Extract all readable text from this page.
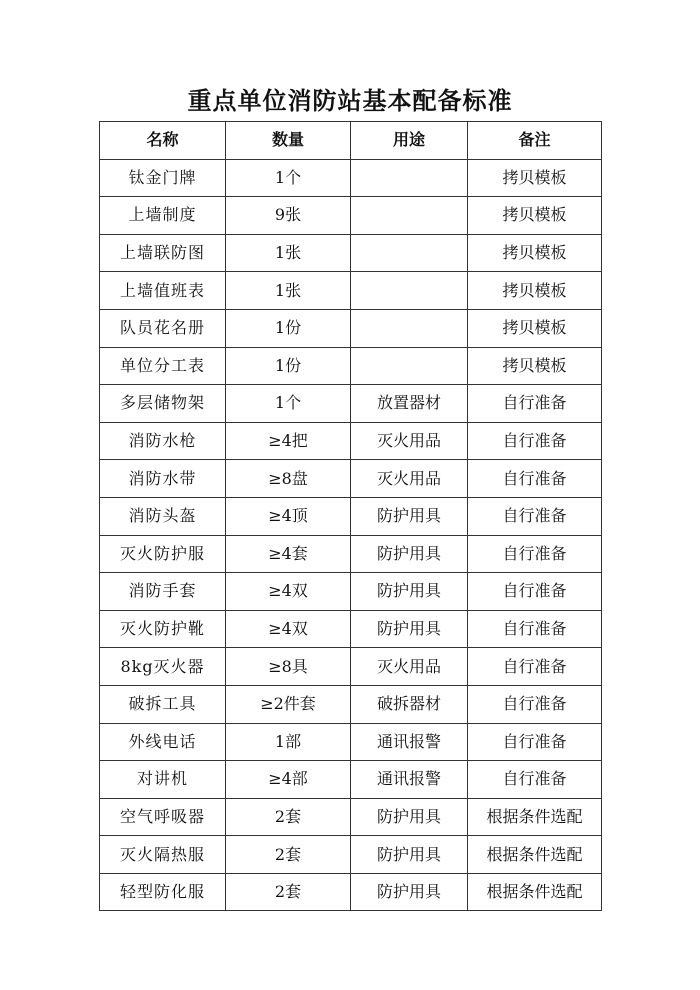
重点单位消防站基本配备标准
名称	数量	用途	备注
钛金门牌	1个		拷贝模板
上墙制度	9张		拷贝模板
上墙联防图	1张		拷贝模板
上墙值班表	1张		拷贝模板
队员花名册	1份		拷贝模板
单位分工表	1份		拷贝模板
多层储物架	1个	放置器材	自行准备
消防水枪	≥4把	灭火用品	自行准备
消防水带	≥8盘	灭火用品	自行准备
消防头盔	≥4顶	防护用具	自行准备
灭火防护服	≥4套	防护用具	自行准备
消防手套	≥4双	防护用具	自行准备
灭火防护靴	≥4双	防护用具	自行准备
8kg灭火器	≥8具	灭火用品	自行准备
破拆工具	≥2件套	破拆器材	自行准备
外线电话	1部	通讯报警	自行准备
对讲机	≥4部	通讯报警	自行准备
空气呼吸器	2套	防护用具	根据条件选配
灭火隔热服	2套	防护用具	根据条件选配
轻型防化服	2套	防护用具	根据条件选配
